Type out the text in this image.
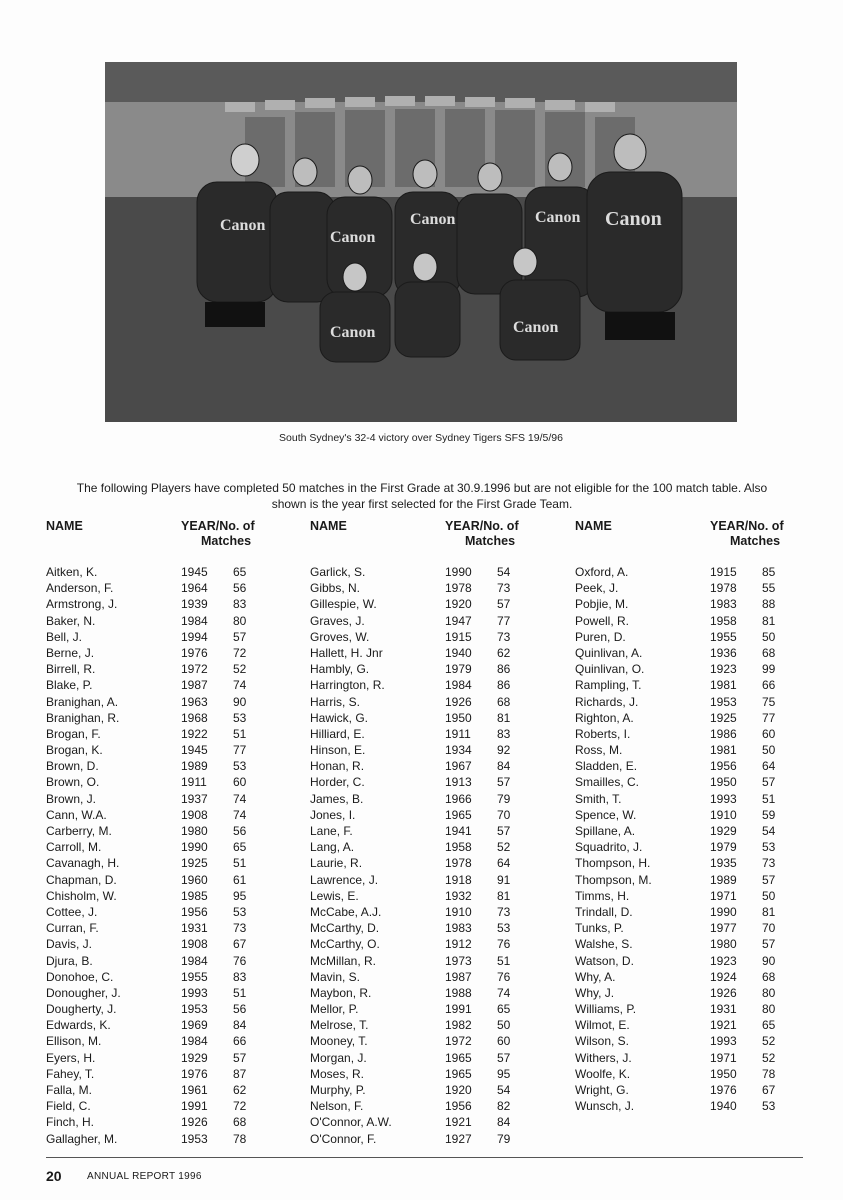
Canon
Canon
Canon	Canon Canon
Canon	Canon
South Sydney's 32-4 victory over Sydney Tigers SFS 19/5/96
The following Players have completed 50 matches in the First Grade at 30.9.1996 but are not eligible for the 100 match table. Also
shown is the year first selected for the First Grade Team.
NAME	YEAR/No. of
Matches
Aitken, K.	1945 65
Anderson, F.	1964 56
Armstrong, J.	1939 83
Baker, N.	1984 80
Bell, J.	1994 57
Berne, J.	1976 72
Birrell, R.	1972 52
Blake, P.	1987 74
Branighan, A.	1963 90
Branighan, R.	1968 53
Brogan, F.	1922 51
Brogan, K.	1945 77
Brown, D.	1989 53
Brown, O.	1911 60
Brown, J.	1937 74
Cann, W.A.	1908 74
Carberry, M.	1980 56
Carroll, M.	1990 65
Cavanagh, H.	1925 51
Chapman, D.	1960 61
Chisholm, W.	1985 95
Cottee, J.	1956 53
Curran, F.	1931 73
Davis, J.	1908 67
Djura, B.	1984 76
Donohoe, C.	1955 83
Donougher, J.	1993 51
Dougherty, J.	1953 56
Edwards, K.	1969 84
Ellison, M.	1984 66
Eyers, H.	1929 57
Fahey, T.	1976 87
Falla, M.	1961 62
Field, C.	1991 72
Finch, H.	1926 68
Gallagher, M.	1953 78
NAME	YEAR/No. of
Matches
Garlick, S.	1990 54
Gibbs, N.	1978 73
Gillespie, W.	1920 57
Graves, J.	1947 77
Groves, W.	1915 73
Hallett, H. Jnr	1940 62
Hambly, G.	1979 86
Harrington, R.	1984 86
Harris, S.	1926 68
Hawick, G.	1950 81
Hilliard, E.	1911 83
Hinson, E.	1934 92
Honan, R.	1967 84
Horder, C.	1913 57
James, B.	1966 79
Jones, I.	1965 70
Lane, F.	1941 57
Lang, A.	1958 52
Laurie, R.	1978 64
Lawrence, J.	1918 91
Lewis, E.	1932 81
McCabe, A.J.	1910 73
McCarthy, D.	1983 53
McCarthy, O.	1912 76
McMillan, R.	1973 51
Mavin, S.	1987 76
Maybon, R.	1988 74
Mellor, P.	1991 65
Melrose, T.	1982 50
Mooney, T.	1972 60
Morgan, J.	1965 57
Moses, R.	1965 95
Murphy, P.	1920 54
Nelson, F.	1956 82
O'Connor, A.W.	1921 84
O'Connor, F.	1927 79
NAME	YEAR/No. of
Matches
Oxford, A.	1915 85
Peek, J.	1978 55
Pobjie, M.	1983 88
Powell, R.	1958 81
Puren, D.	1955 50
Quinlivan, A.	1936 68
Quinlivan, O.	1923 99
Rampling, T.	1981 66
Richards, J.	1953 75
Righton, A.	1925 77
Roberts, I.	1986 60
Ross, M.	1981 50
Sladden, E.	1956 64
Smailles, C.	1950 57
Smith, T.	1993 51
Spence, W.	1910 59
Spillane, A.	1929 54
Squadrito, J.	1979 53
Thompson, H.	1935 73
Thompson, M.	1989 57
Timms, H.	1971 50
Trindall, D.	1990 81
Tunks, P.	1977 70
Walshe, S.	1980 57
Watson, D.	1923 90
Why, A.	1924 68
Why, J.	1926 80
Williams, P.	1931 80
Wilmot, E.	1921 65
Wilson, S.	1993 52
Withers, J.	1971 52
Woolfe, K.	1950 78
Wright, G.	1976 67
Wunsch, J.	1940 53
20	ANNUAL REPORT 1996
